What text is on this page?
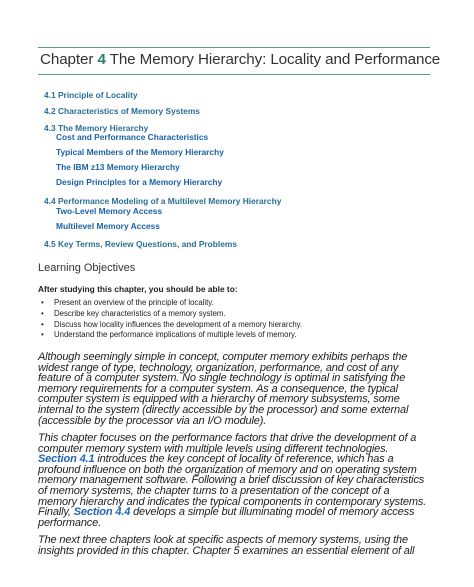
Chapter 4 The Memory Hierarchy: Locality and Performance
4.1 Principle of Locality
4.2 Characteristics of Memory Systems
4.3 The Memory Hierarchy
Cost and Performance Characteristics
Typical Members of the Memory Hierarchy
The IBM z13 Memory Hierarchy
Design Principles for a Memory Hierarchy
4.4 Performance Modeling of a Multilevel Memory Hierarchy
Two-Level Memory Access
Multilevel Memory Access
4.5 Key Terms, Review Questions, and Problems
Learning Objectives
After studying this chapter, you should be able to:
• Present an overview of the principle of locality.
• Describe key characteristics of a memory system.
• Discuss how locality influences the development of a memory hierarchy.
• Understand the performance implications of multiple levels of memory.
Although seemingly simple in concept, computer memory exhibits perhaps the
widest range of type, technology, organization, performance, and cost of any
feature of a computer system. No single technology is optimal in satisfying the
memory requirements for a computer system. As a consequence, the typical
computer system is equipped with a hierarchy of memory subsystems, some
internal to the system (directly accessible by the processor) and some external
(accessible by the processor via an I/O module).
This chapter focuses on the performance factors that drive the development of a
computer memory system with multiple levels using different technologies.
Section 4.1 introduces the key concept of locality of reference, which has a
profound influence on both the organization of memory and on operating system
memory management software. Following a brief discussion of key characteristics
of memory systems, the chapter turns to a presentation of the concept of a
memory hierarchy and indicates the typical components in contemporary systems.
Finally, Section 4.4 develops a simple but illuminating model of memory access
performance.
The next three chapters look at specific aspects of memory systems, using the
insights provided in this chapter. Chapter 5 examines an essential element of all
